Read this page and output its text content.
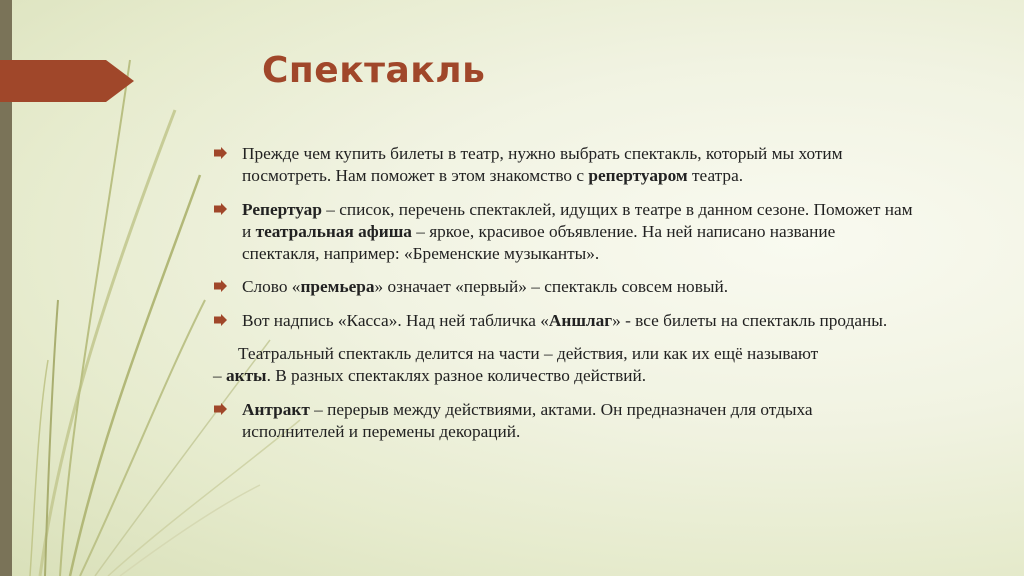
Спектакль

Прежде чем купить билеты в театр, нужно выбрать спектакль, который мы хотим посмотреть. Нам поможет в этом знакомство с репертуаром театра.

Репертуар – список, перечень спектаклей, идущих в театре в данном сезоне. Поможет нам и театральная афиша – яркое, красивое объявление. На ней написано название спектакля, например: «Бременские музыканты».

Слово «премьера» означает «первый» – спектакль совсем новый.

Вот надпись «Касса». Над ней табличка «Аншлаг» - все билеты на спектакль проданы.

Театральный спектакль делится на части – действия, или как их ещё называют
– акты. В разных спектаклях разное количество действий.

Антракт – перерыв между действиями, актами. Он предназначен для отдыха исполнителей и перемены декораций.
